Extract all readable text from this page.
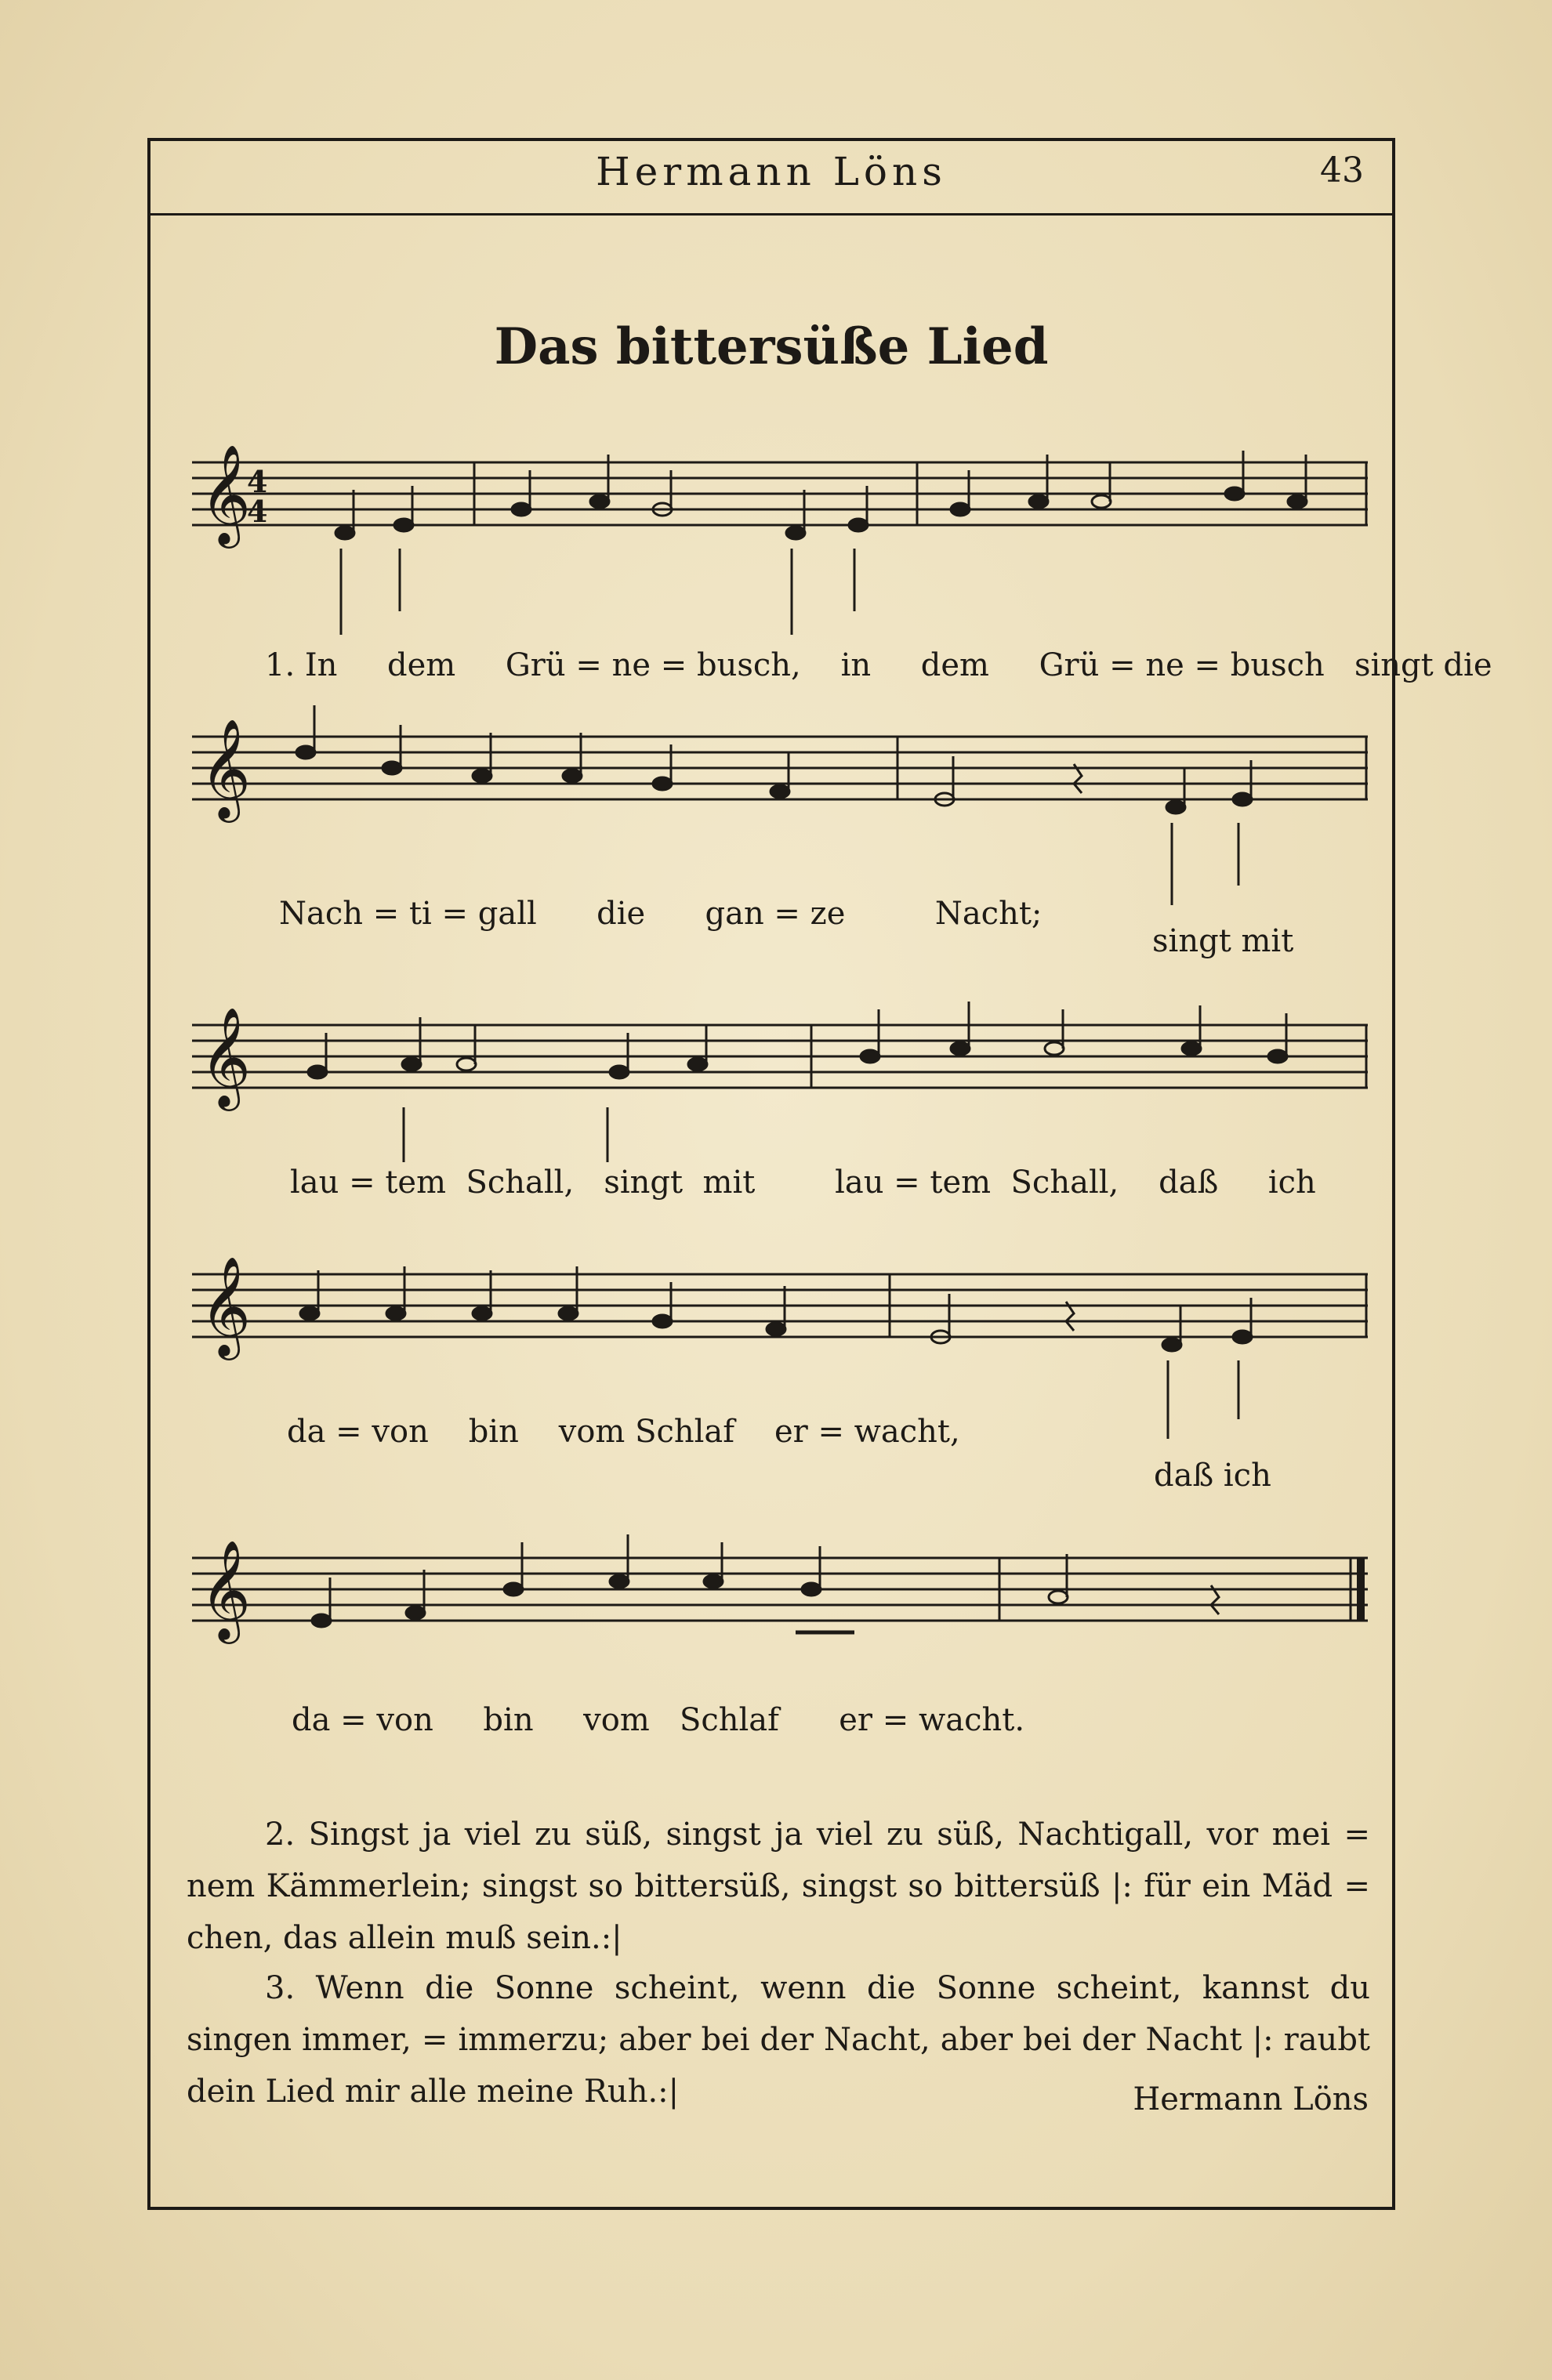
Hermann Löns	43
Das bittersüße Lied
𝄞
4
4
1. In dem Grü = ne = busch, in dem Grü = ne = busch singt die
𝄞
Nach = ti = gall die gan = ze	Nacht;
singt mit
𝄞
lau = tem Schall, singt mit	lau = tem Schall, daß ich
𝄞
da = von bin vom Schlaf er = wacht,
daß ich
𝄞
da = von bin vom Schlaf er = wacht.
2. Singst ja viel zu süß, singst ja viel zu süß, Nachtigall, vor mei = nem Kämmerlein; singst so bittersüß, singst so bittersüß |: für ein Mäd = chen, das allein muß sein.:|
3. Wenn die Sonne scheint, wenn die Sonne scheint, kannst du singen immer, = immerzu; aber bei der Nacht, aber bei der Nacht |: raubt dein Lied mir alle meine Ruh.:|	Hermann Löns
